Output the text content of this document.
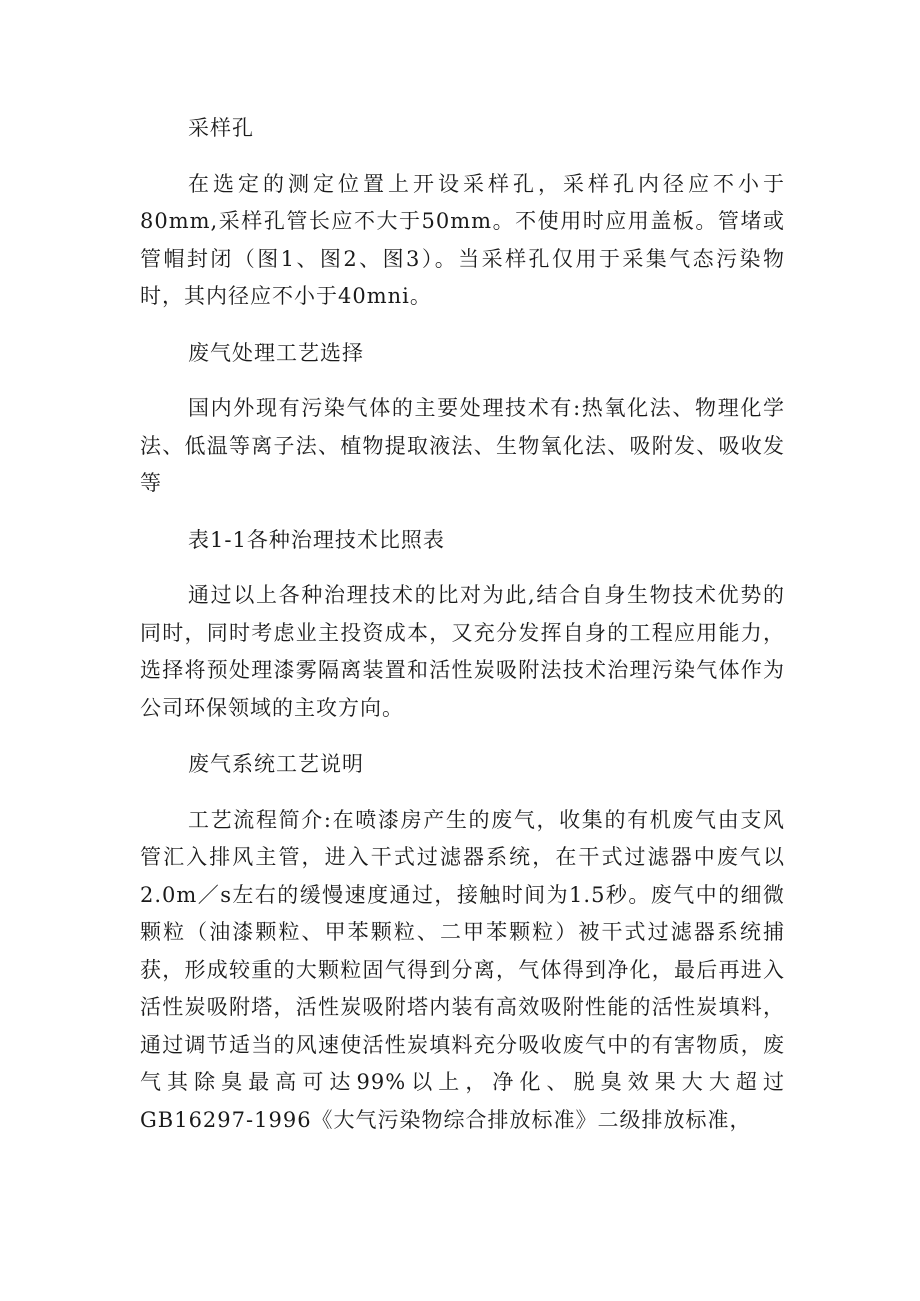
采样孔

在选定的测定位置上开设采样孔，采样孔内径应不小于80mm,采样孔管长应不大于50mm。不使用时应用盖板。管堵或管帽封闭（图1、图2、图3）。当采样孔仅用于采集气态污染物时，其内径应不小于40mni。

废气处理工艺选择

国内外现有污染气体的主要处理技术有:热氧化法、物理化学法、低温等离子法、植物提取液法、生物氧化法、吸附发、吸收发等

表1-1各种治理技术比照表

通过以上各种治理技术的比对为此,结合自身生物技术优势的同时，同时考虑业主投资成本，又充分发挥自身的工程应用能力，选择将预处理漆雾隔离装置和活性炭吸附法技术治理污染气体作为公司环保领域的主攻方向。

废气系统工艺说明

工艺流程简介:在喷漆房产生的废气，收集的有机废气由支风管汇入排风主管，进入干式过滤器系统，在干式过滤器中废气以2.0m／s左右的缓慢速度通过，接触时间为1.5秒。废气中的细微颗粒（油漆颗粒、甲苯颗粒、二甲苯颗粒）被干式过滤器系统捕获，形成较重的大颗粒固气得到分离，气体得到净化，最后再进入活性炭吸附塔，活性炭吸附塔内装有高效吸附性能的活性炭填料，通过调节适当的风速使活性炭填料充分吸收废气中的有害物质，废气其除臭最高可达99%以上，净化、脱臭效果大大超过GB16297-1996《大气污染物综合排放标准》二级排放标准，
